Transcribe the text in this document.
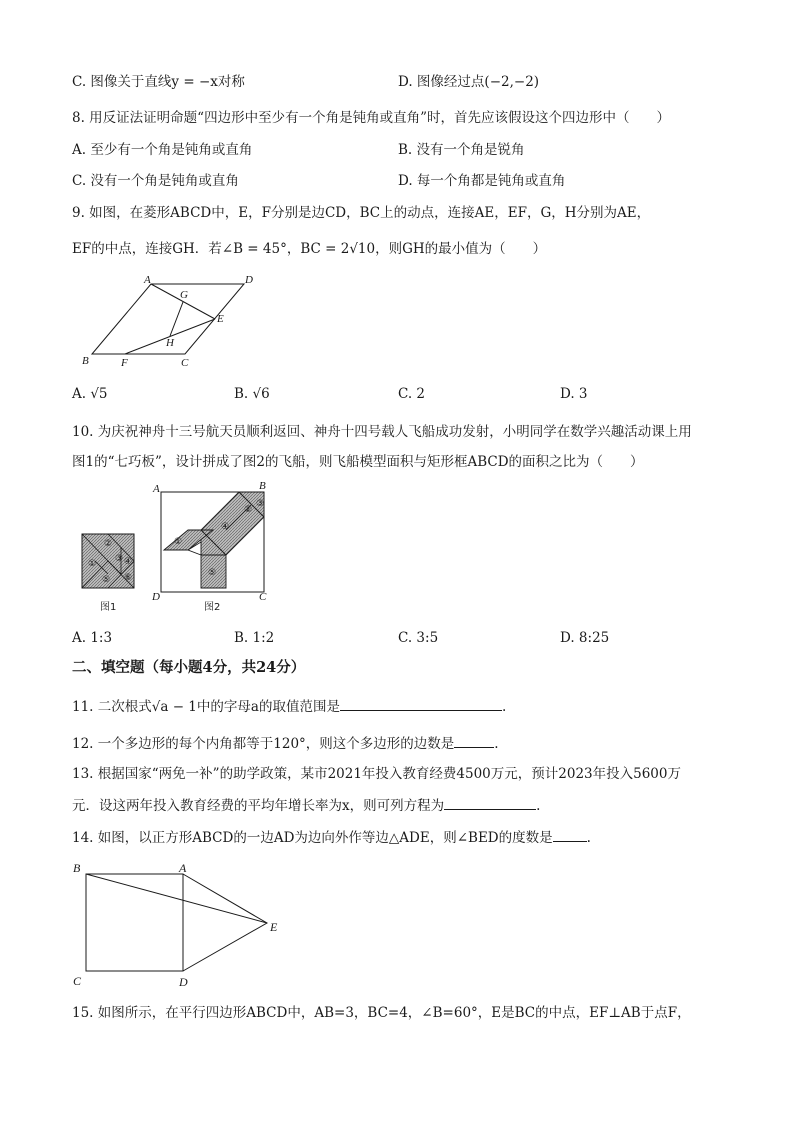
C. 图像关于直线y = −x对称	D. 图像经过点(−2,−2)
8. 用反证法证明命题“四边形中至少有一个角是钝角或直角”时，首先应该假设这个四边形中（　　）
A. 至少有一个角是钝角或直角	B. 没有一个角是锐角
C. 没有一个角是钝角或直角	D. 每一个角都是钝角或直角
9. 如图，在菱形ABCD中，E，F分别是边CD，BC上的动点，连接AE，EF，G，H分别为AE，
EF的中点，连接GH．若∠B = 45°，BC = 2√10，则GH的最小值为（　　）
A	D
G
E
H
B	F	C
A. √5	B. √6	C. 2	D. 3
10. 为庆祝神舟十三号航天员顺利返回、神舟十四号载人飞船成功发射，小明同学在数学兴趣活动课上用
图1的“七巧板”，设计拼成了图2的飞船，则飞船模型面积与矩形框ABCD的面积之比为（　　）
①
②
③ ④
⑤ ⑥
图1
①
②
③
④
⑤
A	B
D	C
图2
A. 1:3	B. 1:2	C. 3:5	D. 8:25
二、填空题（每小题4分，共24分）
11. 二次根式√a − 1中的字母a的取值范围是	.
12. 一个多边形的每个内角都等于120°，则这个多边形的边数是	.
13. 根据国家“两免一补”的助学政策，某市2021年投入教育经费4500万元，预计2023年投入5600万
元．设这两年投入教育经费的平均年增长率为x，则可列方程为	.
14. 如图，以正方形ABCD的一边AD为边向外作等边△ADE，则∠BED的度数是	.
B	A
E
C	D
15. 如图所示，在平行四边形ABCD中，AB=3，BC=4，∠B=60°，E是BC的中点，EF⊥AB于点F，
